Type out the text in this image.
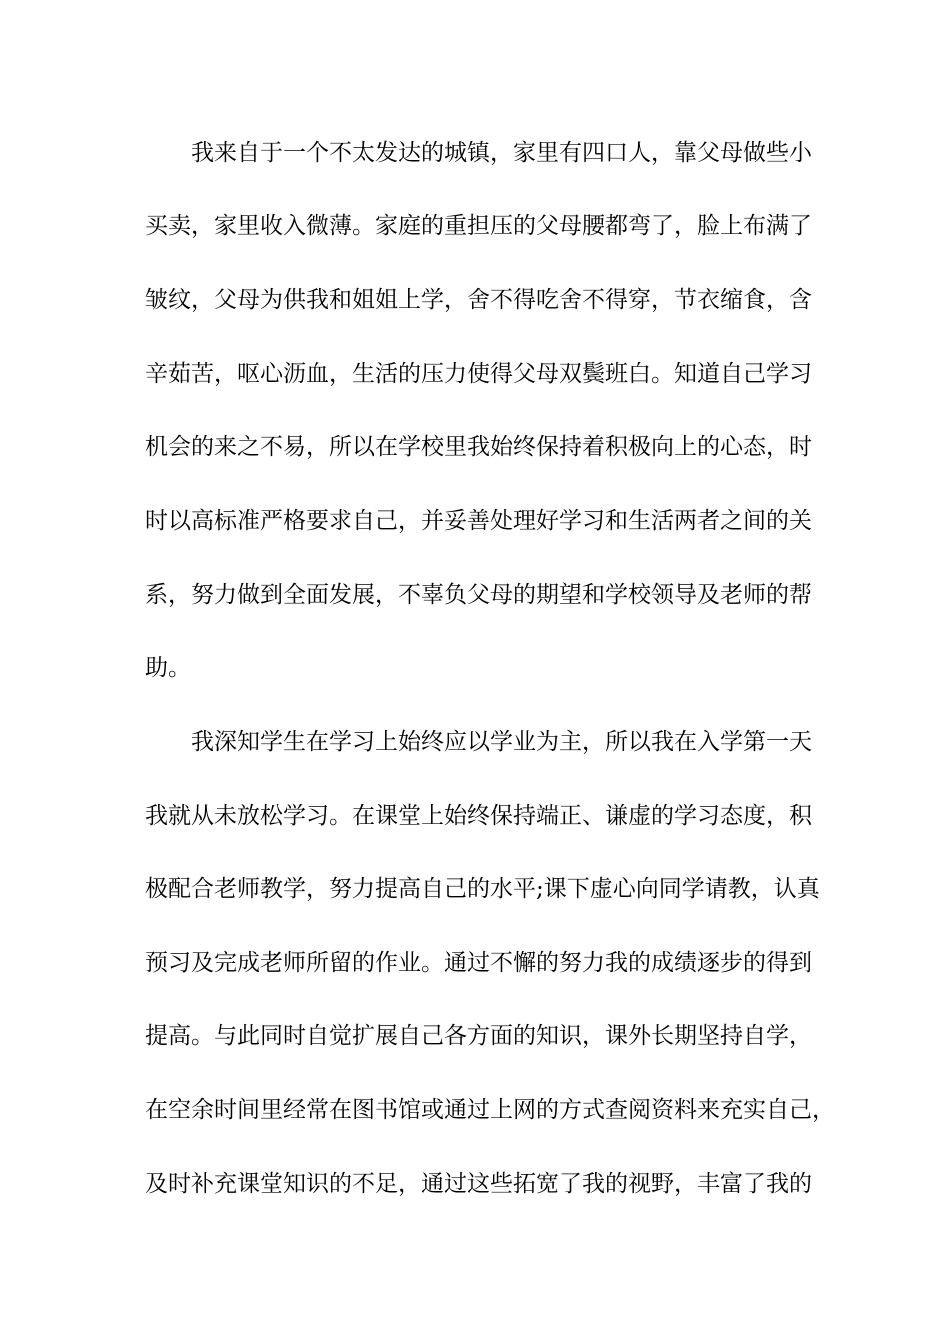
我来自于一个不太发达的城镇，家里有四口人，靠父母做些小
买卖，家里收入微薄。家庭的重担压的父母腰都弯了，脸上布满了
皱纹，父母为供我和姐姐上学，舍不得吃舍不得穿，节衣缩食，含
辛茹苦，呕心沥血，生活的压力使得父母双鬓班白。知道自己学习
机会的来之不易，所以在学校里我始终保持着积极向上的心态，时
时以高标准严格要求自己，并妥善处理好学习和生活两者之间的关
系，努力做到全面发展，不辜负父母的期望和学校领导及老师的帮
助。
我深知学生在学习上始终应以学业为主，所以我在入学第一天
我就从未放松学习。在课堂上始终保持端正、谦虚的学习态度，积
极配合老师教学，努力提高自己的水平;课下虚心向同学请教，认真
预习及完成老师所留的作业。通过不懈的努力我的成绩逐步的得到
提高。与此同时自觉扩展自己各方面的知识，课外长期坚持自学，
在空余时间里经常在图书馆或通过上网的方式查阅资料来充实自己，
及时补充课堂知识的不足，通过这些拓宽了我的视野，丰富了我的
